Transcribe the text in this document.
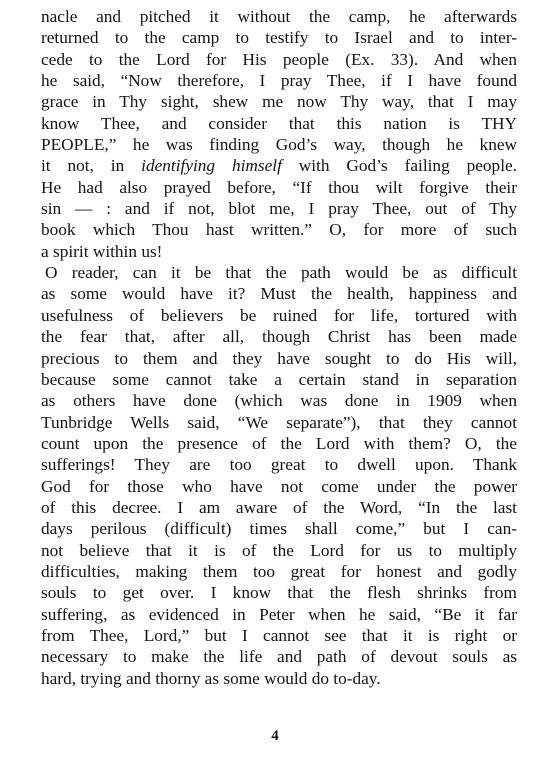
nacle and pitched it without the camp, he afterwards
returned to the camp to testify to Israel and to inter-
cede to the Lord for His people (Ex. 33). And when
he said, “Now therefore, I pray Thee, if I have found
grace in Thy sight, shew me now Thy way, that I may
know Thee, and consider that this nation is THY
PEOPLE,” he was finding God’s way, though he knew
it not, in identifying himself with God’s failing people.
He had also prayed before, “If thou wilt forgive their
sin — : and if not, blot me, I pray Thee, out of Thy
book which Thou hast written.” O, for more of such
a spirit within us!
O reader, can it be that the path would be as difficult
as some would have it? Must the health, happiness and
usefulness of believers be ruined for life, tortured with
the fear that, after all, though Christ has been made
precious to them and they have sought to do His will,
because some cannot take a certain stand in separation
as others have done (which was done in 1909 when
Tunbridge Wells said, “We separate”), that they cannot
count upon the presence of the Lord with them? O, the
sufferings! They are too great to dwell upon. Thank
God for those who have not come under the power
of this decree. I am aware of the Word, “In the last
days perilous (difficult) times shall come,” but I can-
not believe that it is of the Lord for us to multiply
difficulties, making them too great for honest and godly
souls to get over. I know that the flesh shrinks from
suffering, as evidenced in Peter when he said, “Be it far
from Thee, Lord,” but I cannot see that it is right or
necessary to make the life and path of devout souls as
hard, trying and thorny as some would do to-day.
4
